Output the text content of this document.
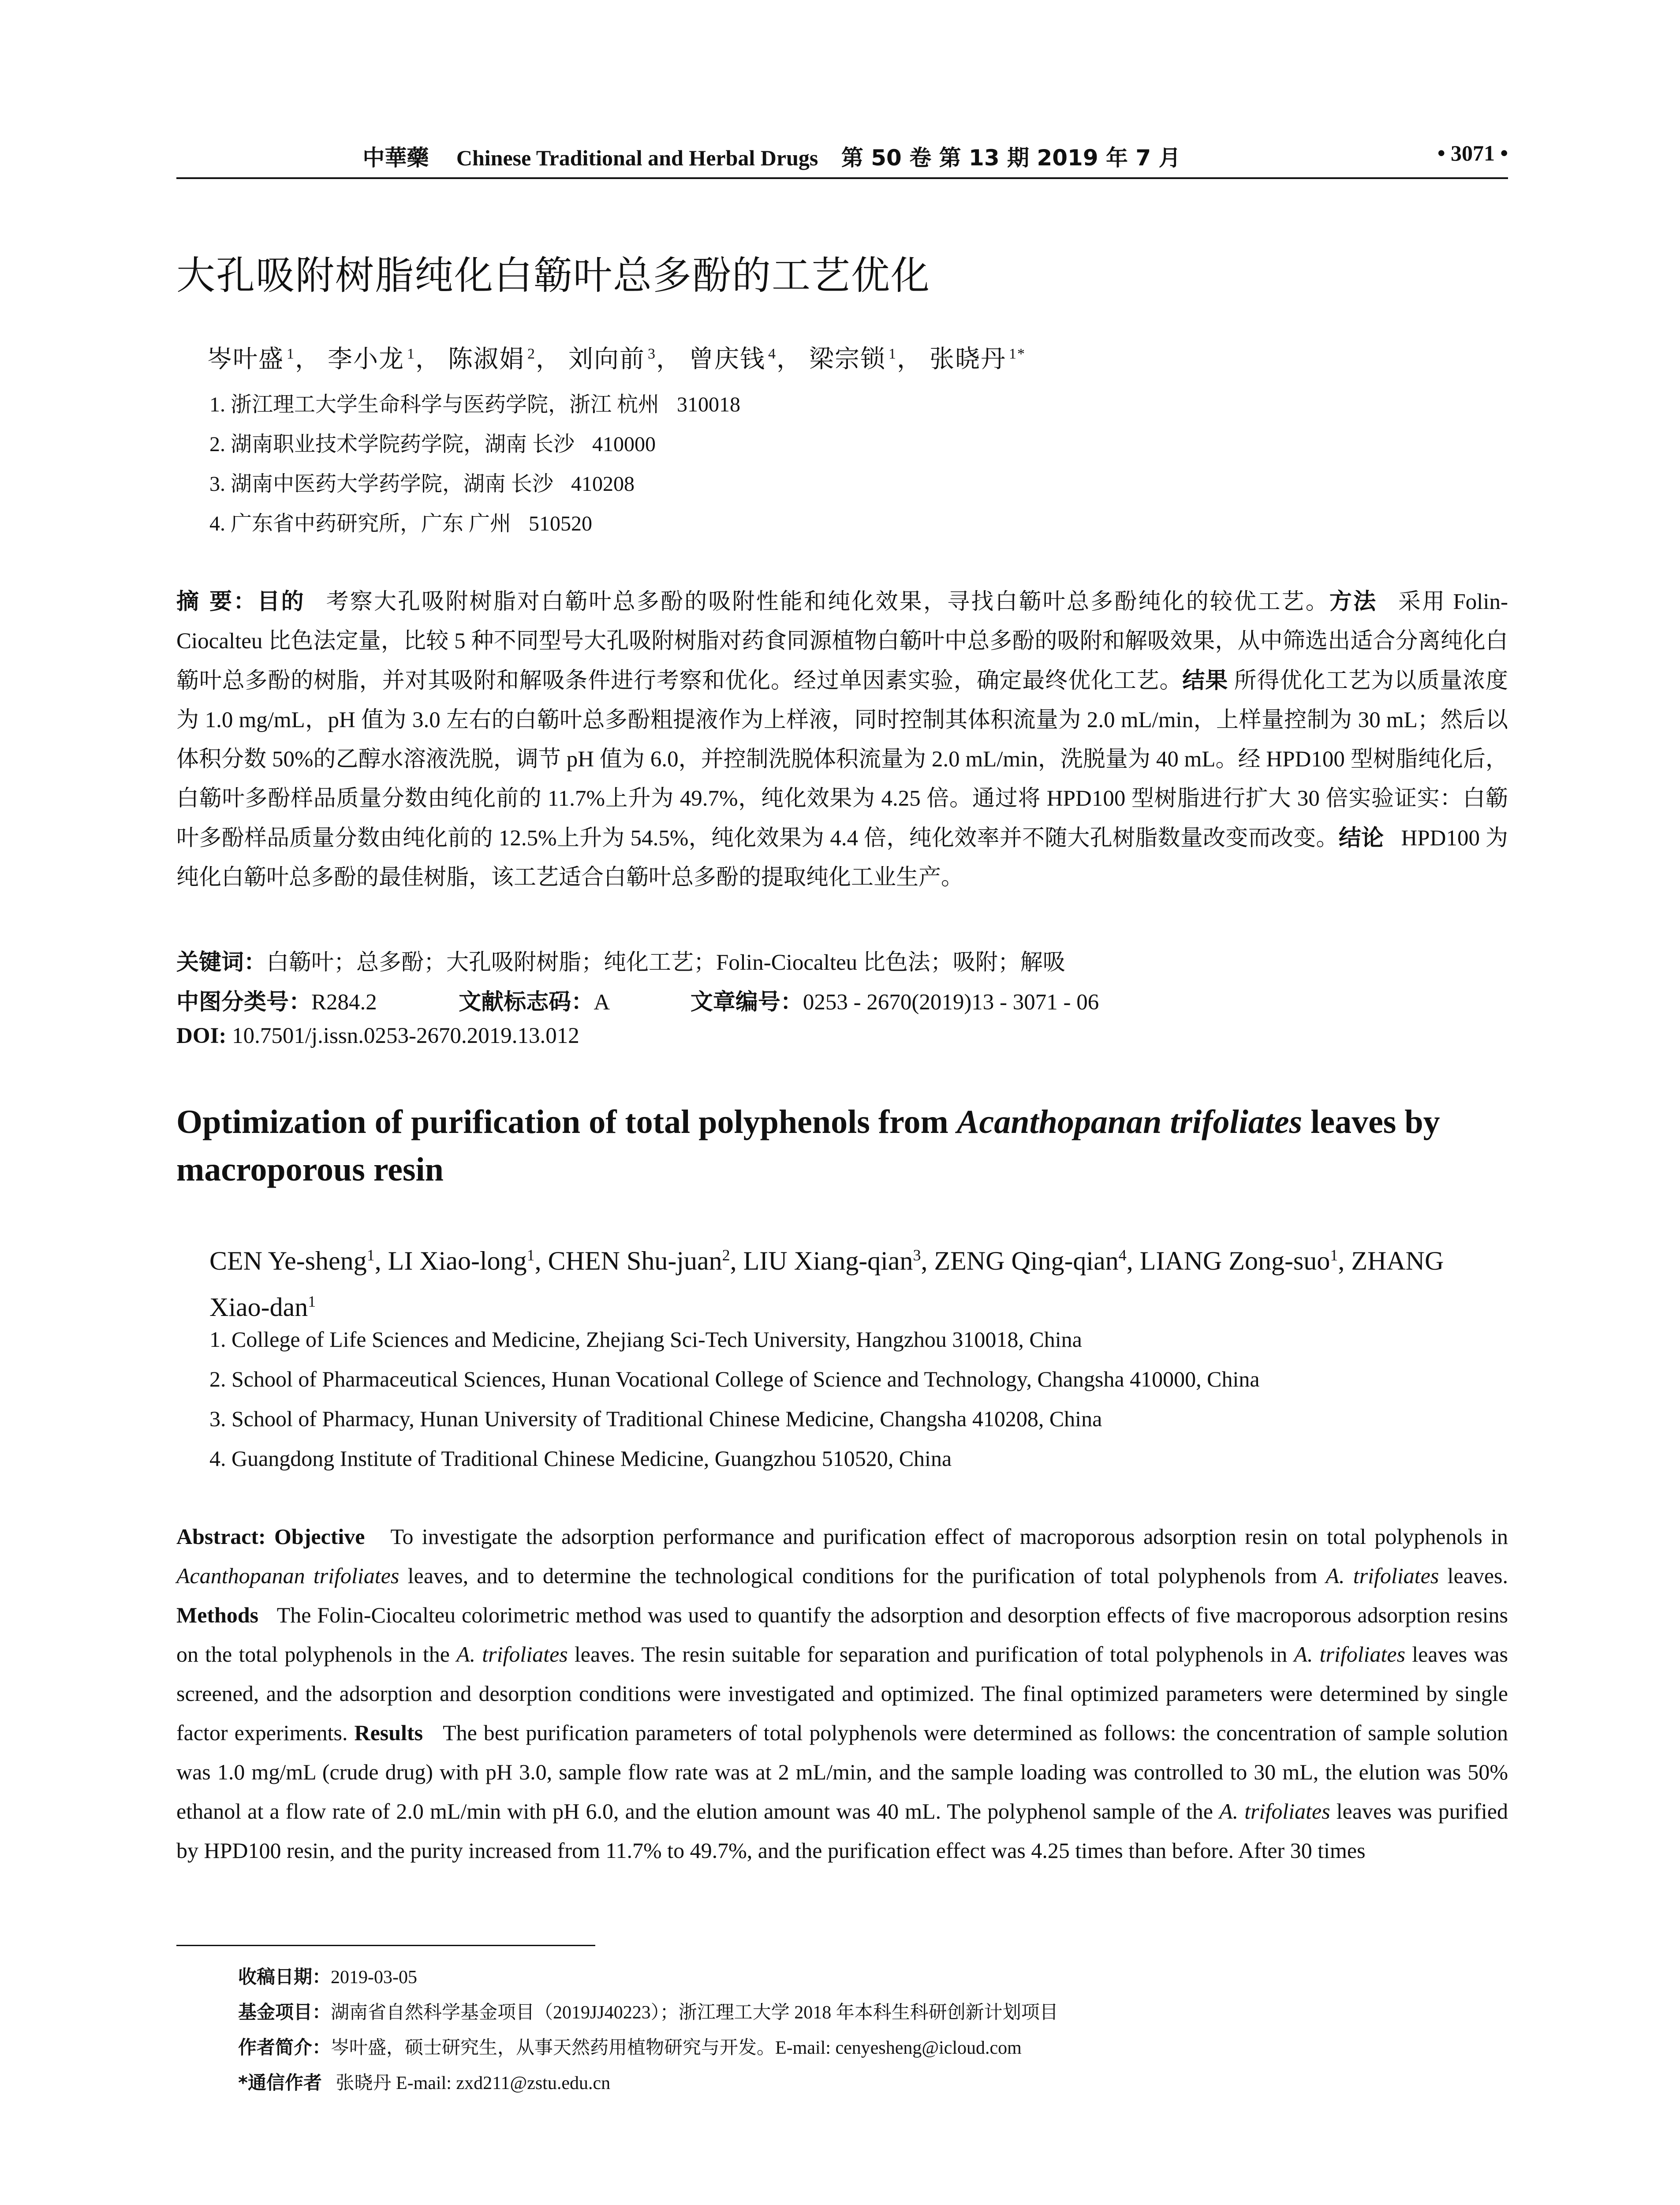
中華藥 Chinese Traditional and Herbal Drugs 第 50 卷 第 13 期 2019 年 7 月	• 3071 •
大孔吸附树脂纯化白簕叶总多酚的工艺优化
岑叶盛 $^1$， 李小龙 $^1$， 陈淑娟 $^2$， 刘向前 $^3$， 曾庆钱 $^4$， 梁宗锁 $^1$， 张晓丹 $^{1*}$
1. 浙江理工大学生命科学与医药学院，浙江 杭州 310018
2. 湖南职业技术学院药学院，湖南 长沙 410000
3. 湖南中医药大学药学院，湖南 长沙 410208
4. 广东省中药研究所，广东 广州 510520
摘 要：目的 考察大孔吸附树脂对白簕叶总多酚的吸附性能和纯化效果，寻找白簕叶总多酚纯化的较优工艺。方法 采用 Folin-Ciocalteu 比色法定量，比较 5 种不同型号大孔吸附树脂对药食同源植物白簕叶中总多酚的吸附和解吸效果，从中筛选出适合分离纯化白簕叶总多酚的树脂，并对其吸附和解吸条件进行考察和优化。经过单因素实验，确定最终优化工艺。结果 所得优化工艺为以质量浓度为 1.0 mg/mL，pH 值为 3.0 左右的白簕叶总多酚粗提液作为上样液，同时控制其体积流量为 2.0 mL/min，上样量控制为 30 mL；然后以体积分数 50%的乙醇水溶液洗脱，调节 pH 值为 6.0，并控制洗脱体积流量为 2.0 mL/min，洗脱量为 40 mL。经 HPD100 型树脂纯化后，白簕叶多酚样品质量分数由纯化前的 11.7%上升为 49.7%，纯化效果为 4.25 倍。通过将 HPD100 型树脂进行扩大 30 倍实验证实：白簕叶多酚样品质量分数由纯化前的 12.5%上升为 54.5%，纯化效果为 4.4 倍，纯化效率并不随大孔树脂数量改变而改变。结论 HPD100 为纯化白簕叶总多酚的最佳树脂，该工艺适合白簕叶总多酚的提取纯化工业生产。
关键词：白簕叶；总多酚；大孔吸附树脂；纯化工艺；Folin-Ciocalteu 比色法；吸附；解吸
中图分类号：R284.2	文献标志码：A	文章编号：0253 - 2670(2019)13 - 3071 - 06
DOI: 10.7501/j.issn.0253-2670.2019.13.012
Optimization of purification of total polyphenols from Acanthopanan trifoliates leaves by macroporous resin
CEN Ye-sheng$^1$, LI Xiao-long$^1$, CHEN Shu-juan$^2$, LIU Xiang-qian$^3$, ZENG Qing-qian$^4$, LIANG Zong-suo$^1$, ZHANG Xiao-dan$^1$
1. College of Life Sciences and Medicine, Zhejiang Sci-Tech University, Hangzhou 310018, China
2. School of Pharmaceutical Sciences, Hunan Vocational College of Science and Technology, Changsha 410000, China
3. School of Pharmacy, Hunan University of Traditional Chinese Medicine, Changsha 410208, China
4. Guangdong Institute of Traditional Chinese Medicine, Guangzhou 510520, China
Abstract: Objective To investigate the adsorption performance and purification effect of macroporous adsorption resin on total polyphenols in Acanthopanan trifoliates leaves, and to determine the technological conditions for the purification of total polyphenols from A. trifoliates leaves. Methods The Folin-Ciocalteu colorimetric method was used to quantify the adsorption and desorption effects of five macroporous adsorption resins on the total polyphenols in the A. trifoliates leaves. The resin suitable for separation and purification of total polyphenols in A. trifoliates leaves was screened, and the adsorption and desorption conditions were investigated and optimized. The final optimized parameters were determined by single factor experiments. Results The best purification parameters of total polyphenols were determined as follows: the concentration of sample solution was 1.0 mg/mL (crude drug) with pH 3.0, sample flow rate was at 2 mL/min, and the sample loading was controlled to 30 mL, the elution was 50% ethanol at a flow rate of 2.0 mL/min with pH 6.0, and the elution amount was 40 mL. The polyphenol sample of the A. trifoliates leaves was purified by HPD100 resin, and the purity increased from 11.7% to 49.7%, and the purification effect was 4.25 times than before. After 30 times
收稿日期：2019-03-05
基金项目：湖南省自然科学基金项目（2019JJ40223）；浙江理工大学 2018 年本科生科研创新计划项目
作者简介：岑叶盛，硕士研究生，从事天然药用植物研究与开发。E-mail: cenyesheng@icloud.com
*通信作者 张晓丹 E-mail: zxd211@zstu.edu.cn
